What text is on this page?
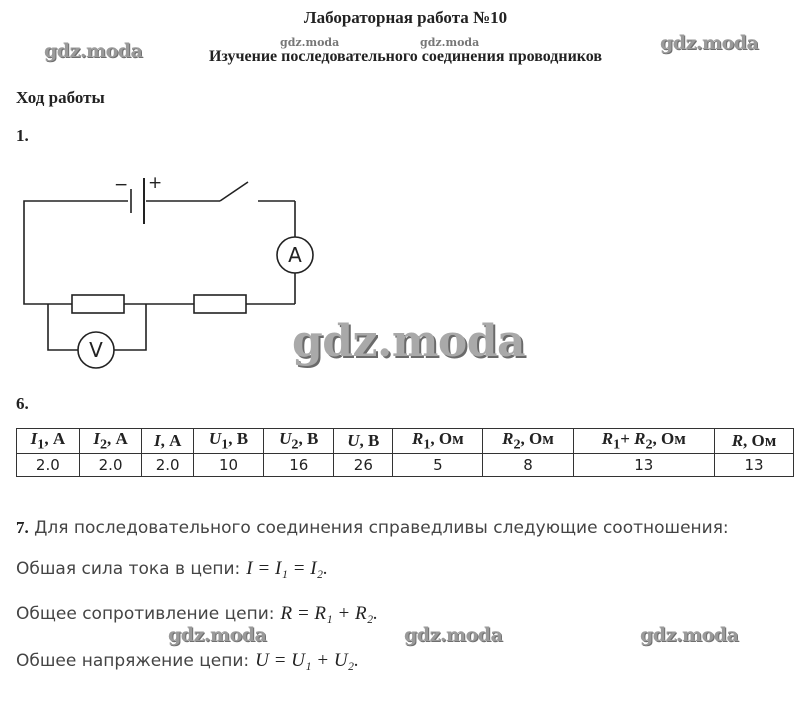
Лабораторная работа №10
Изучение последовательного соединения проводников
gdz.moda	gdz.moda	gdz.moda	gdz.moda
gdz.moda
gdz.moda	gdz.moda	gdz.moda
Ход работы
1.
− +
A
V
6.
$I_1$, А	$I_2$, А	I, А	$U_1$, В	$U_2$, В	U, В	$R_1$, Ом	$R_2$, Ом	$R_1+ R_2$, Ом	R, Ом
2.0	2.0	2.0	10	16	26	5	8	13	13
7. Для последовательного соединения справедливы следующие соотношения:
Обшая сила тока в цепи: I = I₁ = I₂.
Общее сопротивление цепи: R = R₁ + R₂.
Обшее напряжение цепи: U = U₁ + U₂.
